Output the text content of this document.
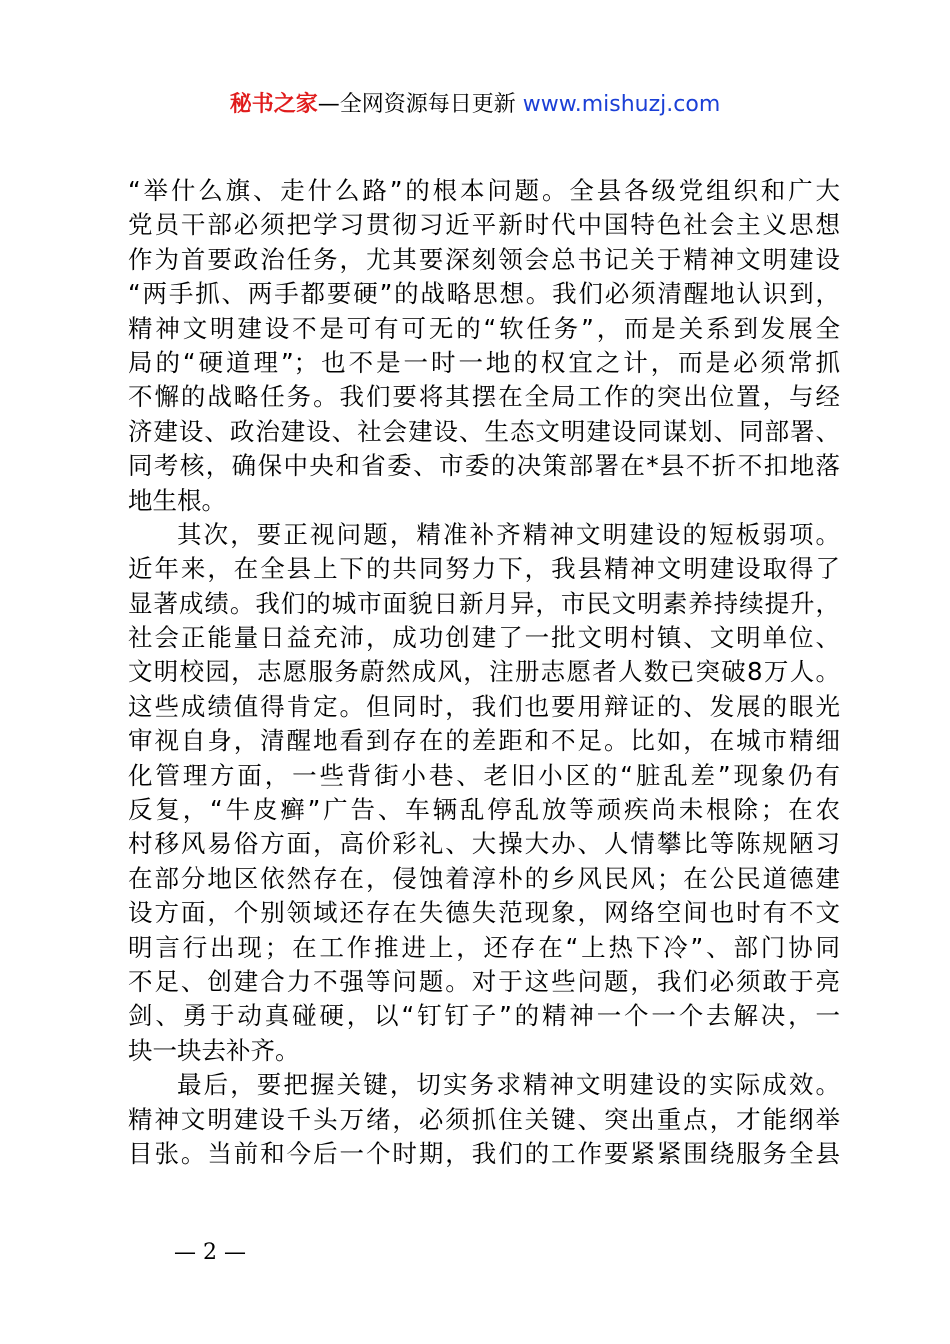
秘书之家—全网资源每日更新 www.mishuzj.com
“举什么旗、走什么路”的根本问题。全县各级党组织和广大
党员干部必须把学习贯彻习近平新时代中国特色社会主义思想
作为首要政治任务，尤其要深刻领会总书记关于精神文明建设
“两手抓、两手都要硬”的战略思想。我们必须清醒地认识到，
精神文明建设不是可有可无的“软任务”，而是关系到发展全
局的“硬道理”；也不是一时一地的权宜之计，而是必须常抓
不懈的战略任务。我们要将其摆在全局工作的突出位置，与经
济建设、政治建设、社会建设、生态文明建设同谋划、同部署、
同考核，确保中央和省委、市委的决策部署在*县不折不扣地落
地生根。
其次，要正视问题，精准补齐精神文明建设的短板弱项。
近年来，在全县上下的共同努力下，我县精神文明建设取得了
显著成绩。我们的城市面貌日新月异，市民文明素养持续提升，
社会正能量日益充沛，成功创建了一批文明村镇、文明单位、
文明校园，志愿服务蔚然成风，注册志愿者人数已突破8万人。
这些成绩值得肯定。但同时，我们也要用辩证的、发展的眼光
审视自身，清醒地看到存在的差距和不足。比如，在城市精细
化管理方面，一些背街小巷、老旧小区的“脏乱差”现象仍有
反复，“牛皮癣”广告、车辆乱停乱放等顽疾尚未根除；在农
村移风易俗方面，高价彩礼、大操大办、人情攀比等陈规陋习
在部分地区依然存在，侵蚀着淳朴的乡风民风；在公民道德建
设方面，个别领域还存在失德失范现象，网络空间也时有不文
明言行出现；在工作推进上，还存在“上热下冷”、部门协同
不足、创建合力不强等问题。对于这些问题，我们必须敢于亮
剑、勇于动真碰硬，以“钉钉子”的精神一个一个去解决，一
块一块去补齐。
最后，要把握关键，切实务求精神文明建设的实际成效。
精神文明建设千头万绪，必须抓住关键、突出重点，才能纲举
目张。当前和今后一个时期，我们的工作要紧紧围绕服务全县
— 2 —
